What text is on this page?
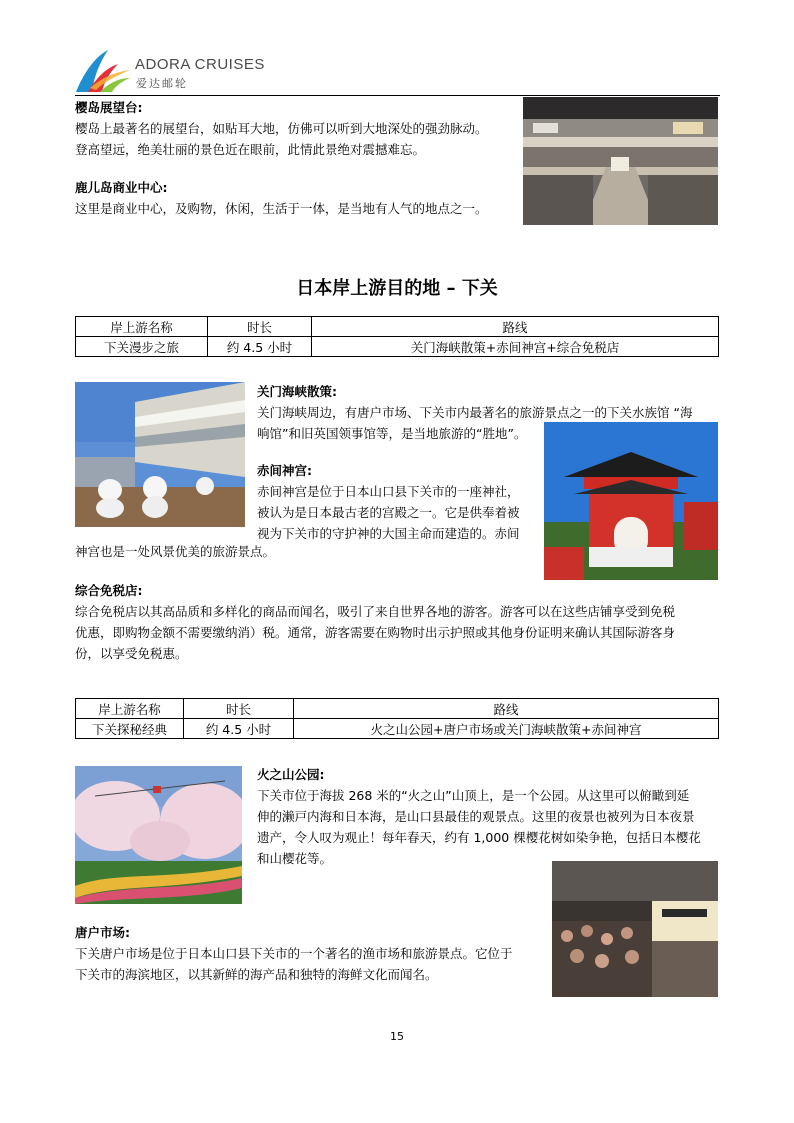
ADORA CRUISES
爱达邮轮
樱岛展望台:
樱岛上最著名的展望台，如贴耳大地，仿佛可以听到大地深处的强劲脉动。
登高望远，绝美壮丽的景色近在眼前，此情此景绝对震撼难忘。
鹿儿岛商业中心:
这里是商业中心，及购物，休闲，生活于一体，是当地有人气的地点之一。
日本岸上游目的地 – 下关
岸上游名称	时长	路线
下关漫步之旅	约 4.5 小时	关门海峡散策+赤间神宫+综合免税店
关门海峡散策:
关门海峡周边，有唐户市场、下关市内最著名的旅游景点之一的下关水族馆 “海
响馆”和旧英国领事馆等，是当地旅游的“胜地”。
赤间神宫:
赤间神宫是位于日本山口县下关市的一座神社，
被认为是日本最古老的宫殿之一。它是供奉着被
视为下关市的守护神的大国主命而建造的。赤间
神宫也是一处风景优美的旅游景点。
综合免税店:
综合免税店以其高品质和多样化的商品而闻名，吸引了来自世界各地的游客。游客可以在这些店铺享受到免税
优惠，即购物金额不需要缴纳消）税。通常，游客需要在购物时出示护照或其他身份证明来确认其国际游客身
份，以享受免税惠。
岸上游名称	时长	路线
下关探秘经典	约 4.5 小时	火之山公园+唐户市场或关门海峡散策+赤间神宫
火之山公园:
下关市位于海拔 268 米的“火之山”山顶上，是一个公园。从这里可以俯瞰到延
伸的濑戸内海和日本海，是山口县最佳的观景点。这里的夜景也被列为日本夜景
遗产，令人叹为观止！每年春天，约有 1,000 棵樱花树如染争艳，包括日本樱花
和山樱花等。
唐户市场:
下关唐户市场是位于日本山口县下关市的一个著名的渔市场和旅游景点。它位于
下关市的海滨地区，以其新鲜的海产品和独特的海鲜文化而闻名。
15
